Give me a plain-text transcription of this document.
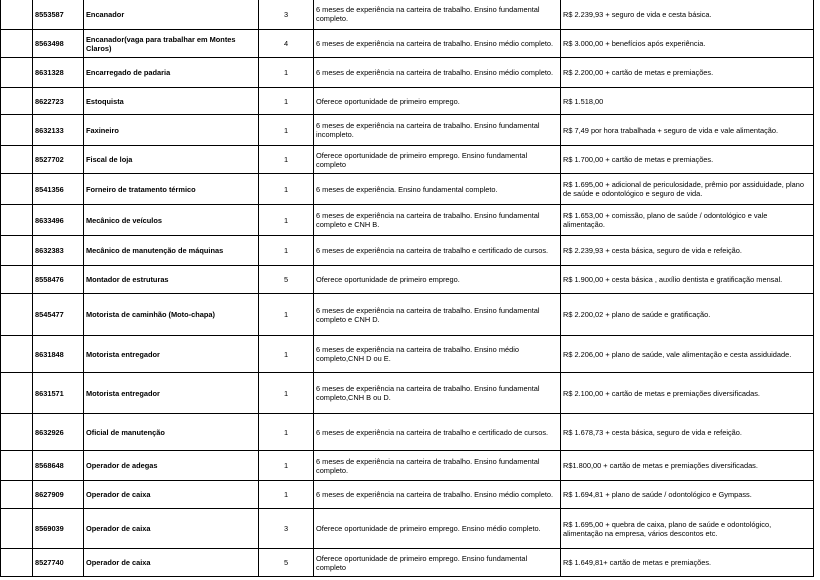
	8553587	Encanador	3	6 meses de experiência na carteira de trabalho. Ensino fundamental completo.	R$ 2.239,93 + seguro de vida e cesta básica.
	8563498	Encanador(vaga para trabalhar em Montes Claros)	4	6 meses de experiência na carteira de trabalho. Ensino médio completo.	R$ 3.000,00 + benefícios após experiência.
	8631328	Encarregado de padaria	1	6 meses de experiência na carteira de trabalho. Ensino médio completo.	R$ 2.200,00 + cartão de metas e premiações.
	8622723	Estoquista	1	Oferece oportunidade de primeiro emprego.	R$ 1.518,00
	8632133	Faxineiro	1	6 meses de experiência na carteira de trabalho. Ensino fundamental incompleto.	R$ 7,49 por hora trabalhada + seguro de vida e vale alimentação.
	8527702	Fiscal de loja	1	Oferece oportunidade de primeiro emprego. Ensino fundamental completo	R$ 1.700,00 + cartão de metas e premiações.
	8541356	Forneiro de tratamento térmico	1	6 meses de experiência. Ensino fundamental completo.	R$ 1.695,00 + adicional de periculosidade, prêmio por assiduidade, plano de saúde e odontológico e seguro de vida.
	8633496	Mecânico de veículos	1	6 meses de experiência na carteira de trabalho. Ensino fundamental completo e CNH B.	R$ 1.653,00 + comissão, plano de saúde / odontológico e vale alimentação.
	8632383	Mecânico de manutenção de máquinas	1	6 meses de experiência na carteira de trabalho e certificado de cursos.	R$ 2.239,93 + cesta básica, seguro de vida e refeição.
	8558476	Montador de estruturas	5	Oferece oportunidade de primeiro emprego.	R$ 1.900,00 + cesta básica , auxílio dentista e gratificação mensal.
	8545477	Motorista de caminhão (Moto-chapa)	1	6 meses de experiência na carteira de trabalho. Ensino fundamental completo e CNH D.	R$ 2.200,02 + plano de saúde e gratificação.
	8631848	Motorista entregador	1	6 meses de experiência na carteira de trabalho. Ensino médio completo,CNH D ou E.	R$ 2.206,00 + plano de saúde, vale alimentação e cesta assiduidade.
	8631571	Motorista entregador	1	6 meses de experiência na carteira de trabalho. Ensino fundamental completo,CNH B ou D.	R$ 2.100,00 + cartão de metas e premiações diversificadas.
	8632926	Oficial de manutenção	1	6 meses de experiência na carteira de trabalho e certificado de cursos.	R$ 1.678,73 + cesta básica, seguro de vida e refeição.
	8568648	Operador de adegas	1	6 meses de experiência na carteira de trabalho. Ensino fundamental completo.	R$1.800,00 + cartão de metas e premiações diversificadas.
	8627909	Operador de caixa	1	6 meses de experiência na carteira de trabalho. Ensino médio completo.	R$ 1.694,81 + plano de saúde / odontológico e Gympass.
	8569039	Operador de caixa	3	Oferece oportunidade de primeiro emprego. Ensino médio completo.	R$ 1.695,00 + quebra de caixa, plano de saúde e odontológico, alimentação na empresa, vários descontos etc.
	8527740	Operador de caixa	5	Oferece oportunidade de primeiro emprego. Ensino fundamental completo	R$ 1.649,81+ cartão de metas e premiações.
